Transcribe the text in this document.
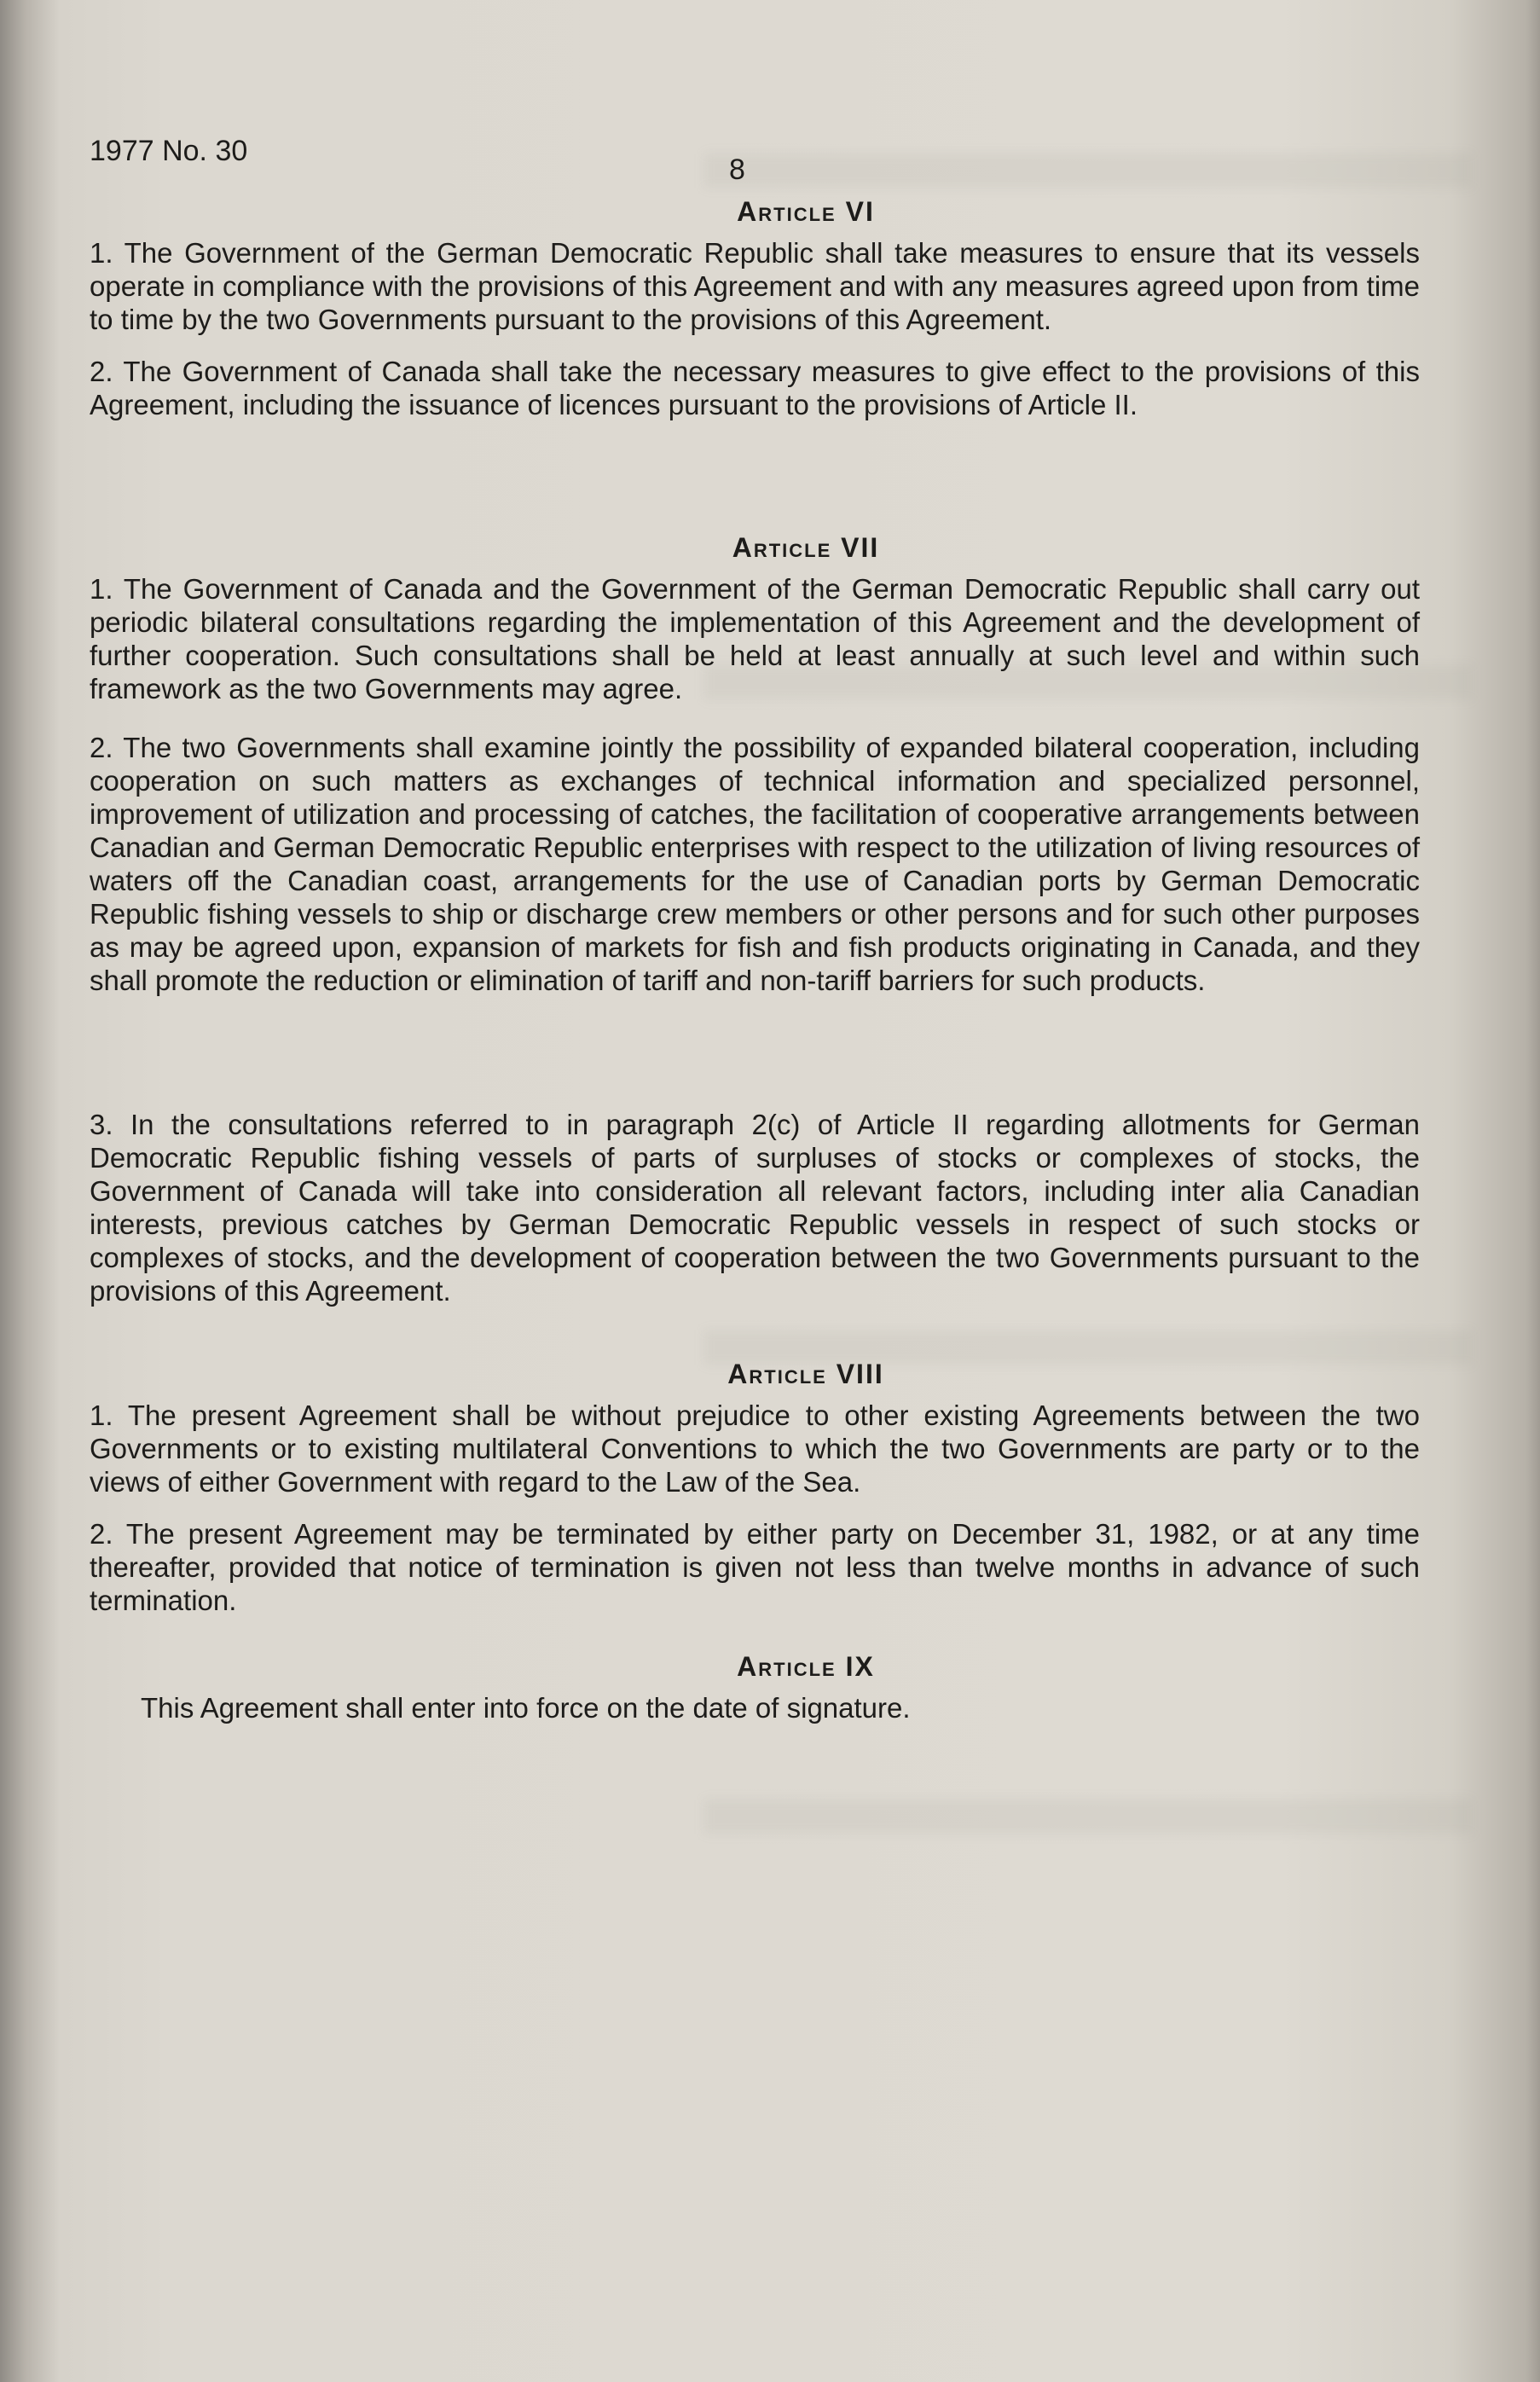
1977 No. 30
8
Article VI

1. The Government of the German Democratic Republic shall take measures to ensure that its vessels operate in compliance with the provisions of this Agreement and with any measures agreed upon from time to time by the two Governments pursuant to the provisions of this Agreement.

2. The Government of Canada shall take the necessary measures to give effect to the provisions of this Agreement, including the issuance of licences pursuant to the provisions of Article II.

Article VII

1. The Government of Canada and the Government of the German Democratic Republic shall carry out periodic bilateral consultations regarding the implementation of this Agreement and the development of further cooperation. Such consultations shall be held at least annually at such level and within such framework as the two Governments may agree.

2. The two Governments shall examine jointly the possibility of expanded bilateral cooperation, including cooperation on such matters as exchanges of technical information and specialized personnel, improvement of utilization and processing of catches, the facilitation of cooperative arrangements between Canadian and German Democratic Republic enterprises with respect to the utilization of living resources of waters off the Canadian coast, arrangements for the use of Canadian ports by German Democratic Republic fishing vessels to ship or discharge crew members or other persons and for such other purposes as may be agreed upon, expansion of markets for fish and fish products originating in Canada, and they shall promote the reduction or elimination of tariff and non-tariff barriers for such products.

3. In the consultations referred to in paragraph 2(c) of Article II regarding allotments for German Democratic Republic fishing vessels of parts of surpluses of stocks or complexes of stocks, the Government of Canada will take into consideration all relevant factors, including inter alia Canadian interests, previous catches by German Democratic Republic vessels in respect of such stocks or complexes of stocks, and the development of cooperation between the two Governments pursuant to the provisions of this Agreement.

Article VIII

1. The present Agreement shall be without prejudice to other existing Agreements between the two Governments or to existing multilateral Conventions to which the two Governments are party or to the views of either Government with regard to the Law of the Sea.

2. The present Agreement may be terminated by either party on December 31, 1982, or at any time thereafter, provided that notice of termination is given not less than twelve months in advance of such termination.

Article IX

This Agreement shall enter into force on the date of signature.
